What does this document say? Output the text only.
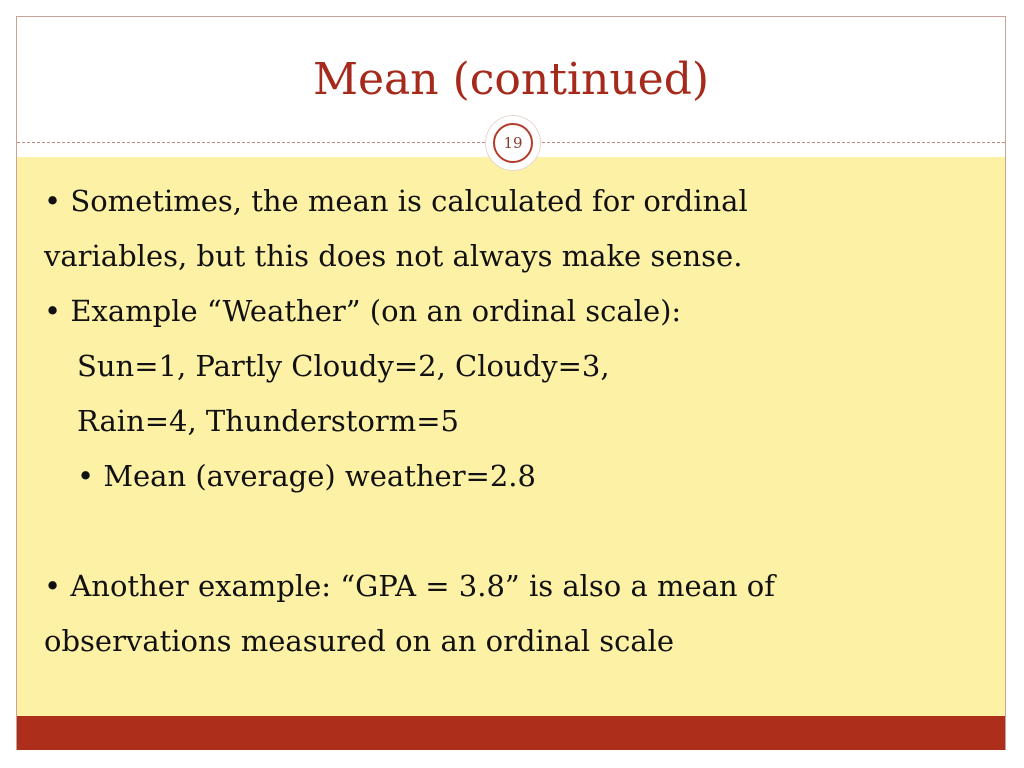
Mean (continued)
19
• Sometimes, the mean is calculated for ordinal
variables, but this does not always make sense.
• Example “Weather” (on an ordinal scale):
Sun=1, Partly Cloudy=2, Cloudy=3,
Rain=4, Thunderstorm=5
• Mean (average) weather=2.8
• Another example: “GPA = 3.8” is also a mean of
observations measured on an ordinal scale
